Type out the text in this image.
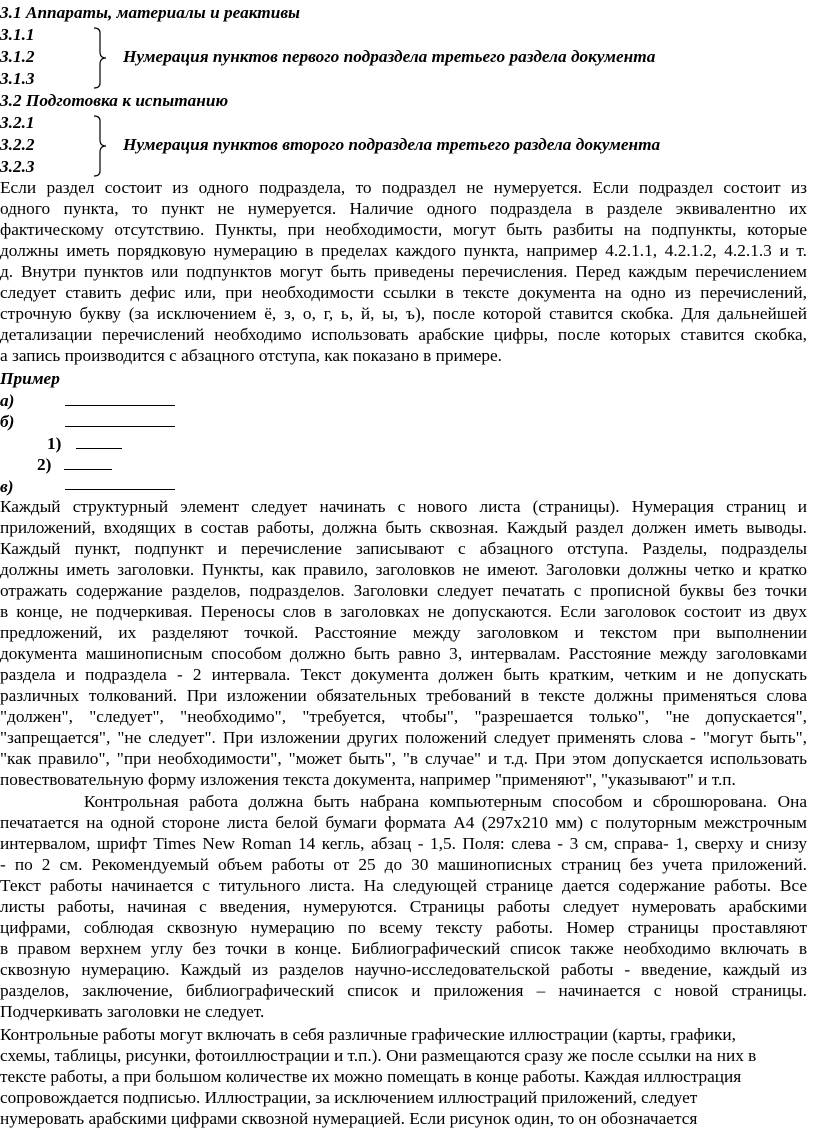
3.1 Аппараты, материалы и реактивы
3.1.1
3.1.2
3.1.3
Нумерация пунктов первого подраздела третьего раздела документа
3.2 Подготовка к испытанию
3.2.1
3.2.2
3.2.3
Нумерация пунктов второго подраздела третьего раздела документа
Если раздел состоит из одного подраздела, то подраздел не нумеруется. Если подраздел состоит из
одного пункта, то пункт не нумеруется. Наличие одного подраздела в разделе эквивалентно их
фактическому отсутствию. Пункты, при необходимости, могут быть разбиты на подпункты, которые
должны иметь порядковую нумерацию в пределах каждого пункта, например 4.2.1.1, 4.2.1.2, 4.2.1.3 и т.
д. Внутри пунктов или подпунктов могут быть приведены перечисления. Перед каждым перечислением
следует ставить дефис или, при необходимости ссылки в тексте документа на одно из перечислений,
строчную букву (за исключением ё, з, о, г, ь, й, ы, ъ), после которой ставится скобка. Для дальнейшей
детализации перечислений необходимо использовать арабские цифры, после которых ставится скобка,
а запись производится с абзацного отступа, как показано в примере.
Пример
а)
б)
1)
2)
в)
Каждый структурный элемент следует начинать с нового листа (страницы). Нумерация страниц и
приложений, входящих в состав работы, должна быть сквозная. Каждый раздел должен иметь выводы.
Каждый пункт, подпункт и перечисление записывают с абзацного отступа. Разделы, подразделы
должны иметь заголовки. Пункты, как правило, заголовков не имеют. Заголовки должны четко и кратко
отражать содержание разделов, подразделов. Заголовки следует печатать с прописной буквы без точки
в конце, не подчеркивая. Переносы слов в заголовках не допускаются. Если заголовок состоит из двух
предложений, их разделяют точкой. Расстояние между заголовком и текстом при выполнении
документа машинописным способом должно быть равно 3, интервалам. Расстояние между заголовками
раздела и подраздела - 2 интервала. Текст документа должен быть кратким, четким и не допускать
различных толкований. При изложении обязательных требований в тексте должны применяться слова
"должен", "следует", "необходимо", "требуется, чтобы", "разрешается только", "не допускается",
"запрещается", "не следует". При изложении других положений следует применять слова - "могут быть",
"как правило", "при необходимости", "может быть", "в случае" и т.д. При этом допускается использовать
повествовательную форму изложения текста документа, например "применяют", "указывают" и т.п.
Контрольная работа должна быть набрана компьютерным способом и сброшюрована. Она
печатается на одной стороне листа белой бумаги формата А4 (297х210 мм) с полуторным межстрочным
интервалом, шрифт Times New Roman 14 кегль, абзац - 1,5. Поля: слева - 3 см, справа- 1, сверху и снизу
- по 2 см. Рекомендуемый объем работы от 25 до 30 машинописных страниц без учета приложений.
Текст работы начинается с титульного листа. На следующей странице дается содержание работы. Все
листы работы, начиная с введения, нумеруются. Страницы работы следует нумеровать арабскими
цифрами, соблюдая сквозную нумерацию по всему тексту работы. Номер страницы проставляют
в правом верхнем углу без точки в конце. Библиографический список также необходимо включать в
сквозную нумерацию. Каждый из разделов научно-исследовательской работы - введение, каждый из
разделов, заключение, библиографический список и приложения – начинается с новой страницы.
Подчеркивать заголовки не следует.
Контрольные работы могут включать в себя различные графические иллюстрации (карты, графики,
схемы, таблицы, рисунки, фотоиллюстрации и т.п.). Они размещаются сразу же после ссылки на них в
тексте работы, а при большом количестве их можно помещать в конце работы. Каждая иллюстрация
сопровождается подписью. Иллюстрации, за исключением иллюстраций приложений, следует
нумеровать арабскими цифрами сквозной нумерацией. Если рисунок один, то он обозначается
